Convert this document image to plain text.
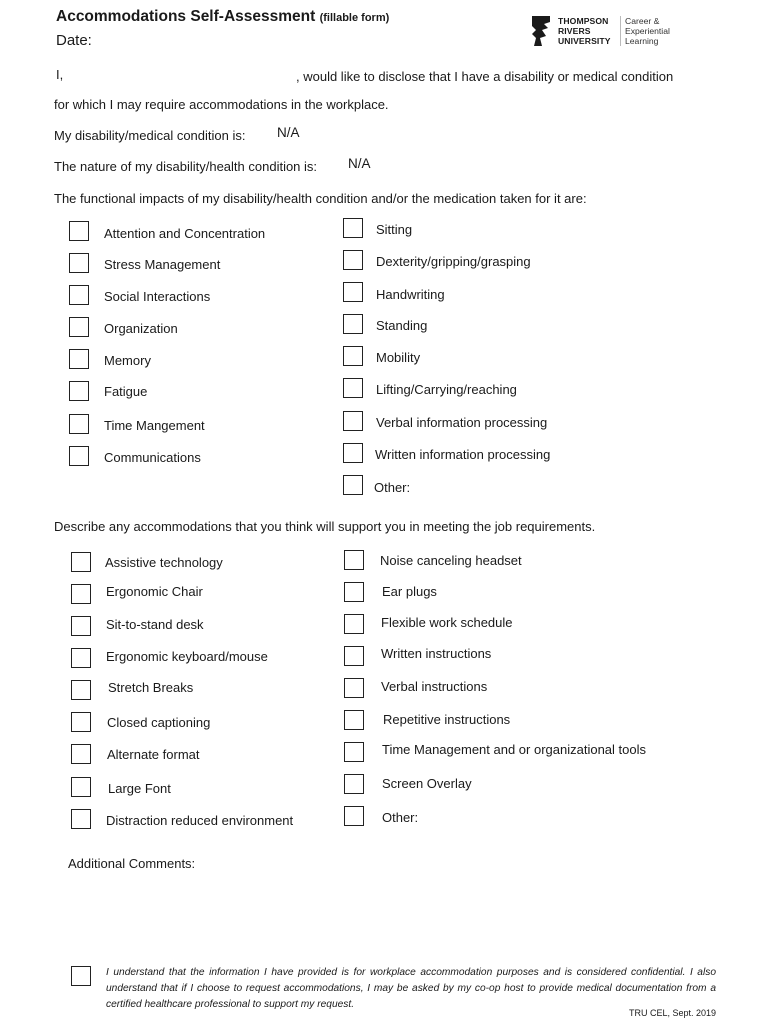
Accommodations Self-Assessment (fillable form)
Date:
THOMPSON
RIVERS
UNIVERSITY
Career &
Experiential
Learning
I,	, would like to disclose that I have a disability or medical condition
for which I may require accommodations in the workplace.
My disability/medical condition is: N/A
The nature of my disability/health condition is: N/A
The functional impacts of my disability/health condition and/or the medication taken for it are:
Attention and Concentration
Stress Management
Social Interactions
Organization
Memory
Fatigue
Time Mangement
Communications
Sitting
Dexterity/gripping/grasping
Handwriting
Standing
Mobility
Lifting/Carrying/reaching
Verbal information processing
Written information processing
Other:
Describe any accommodations that you think will support you in meeting the job requirements.
Assistive technology
Ergonomic Chair
Sit-to-stand desk
Ergonomic keyboard/mouse
Stretch Breaks
Closed captioning
Alternate format
Large Font
Distraction reduced environment
Noise canceling headset
Ear plugs
Flexible work schedule
Written instructions
Verbal instructions
Repetitive instructions
Time Management and or organizational tools
Screen Overlay
Other:
Additional Comments:
I understand that the information I have provided is for workplace accommodation purposes and is considered confidential. I also understand that if I choose to request accommodations, I may be asked by my co-op host to provide medical documentation from a certified healthcare professional to support my request.
TRU CEL, Sept. 2019
